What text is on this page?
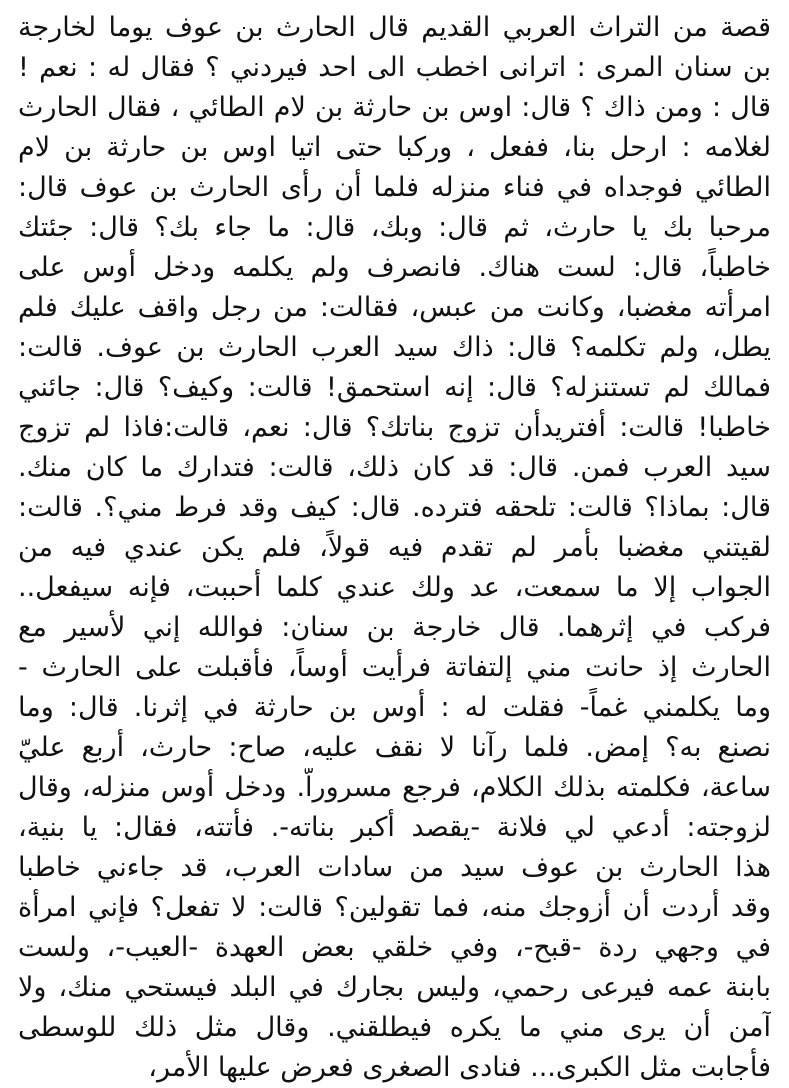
قصة من التراث العربي القديم قال الحارث بن عوف يوما لخارجة
بن سنان المرى : اترانى اخطب الى احد فيردني ؟ فقال له : نعم !
قال : ومن ذاك ؟ قال: اوس بن حارثة بن لام الطائي ، فقال الحارث
لغلامه : ارحل بنا، ففعل ، وركبا حتى اتيا اوس بن حارثة بن لام
الطائي فوجداه في فناء منزله فلما أن رأى الحارث بن عوف قال:
مرحبا بك يا حارث، ثم قال: وبك، قال: ما جاء بك؟ قال: جئتك
خاطباً، قال: لست هناك. فانصرف ولم يكلمه ودخل أوس على
امرأته مغضبا، وكانت من عبس، فقالت: من رجل واقف عليك فلم
يطل، ولم تكلمه؟ قال: ذاك سيد العرب الحارث بن عوف. قالت:
فمالك لم تستنزله؟ قال: إنه استحمق! قالت: وكيف؟ قال: جائني
خاطبا! قالت: أفتريدأن تزوج بناتك؟ قال: نعم، قالت:فاذا لم تزوج
سيد العرب فمن. قال: قد كان ذلك، قالت: فتدارك ما كان منك.
قال: بماذا؟ قالت: تلحقه فترده. قال: كيف وقد فرط مني؟. قالت:
لقيتني مغضبا بأمر لم تقدم فيه قولاً، فلم يكن عندي فيه من
الجواب إلا ما سمعت، عد ولك عندي كلما أحببت، فإنه سيفعل..
فركب في إثرهما. قال خارجة بن سنان: فوالله إني لأسير مع
الحارث إذ حانت مني إلتفاتة فرأيت أوساً، فأقبلت على الحارث -
وما يكلمني غماً- فقلت له : أوس بن حارثة في إثرنا. قال: وما
نصنع به؟ إمض. فلما رآنا لا نقف عليه، صاح: حارث، أربع عليّ
ساعة، فكلمته بذلك الكلام، فرجع مسروراّ. ودخل أوس منزله، وقال
لزوجته: أدعي لي فلانة -يقصد أكبر بناته-. فأتته، فقال: يا بنية،
هذا الحارث بن عوف سيد من سادات العرب، قد جاءني خاطبا
وقد أردت أن أزوجك منه، فما تقولين؟ قالت: لا تفعل؟ فإني امرأة
في وجهي ردة -قبح-، وفي خلقي بعض العهدة -العيب-، ولست
بابنة عمه فيرعى رحمي، وليس بجارك في البلد فيستحي منك، ولا
آمن أن يرى مني ما يكره فيطلقني. وقال مثل ذلك للوسطى
فأجابت مثل الكبرى... فنادى الصغرى فعرض عليها الأمر،
